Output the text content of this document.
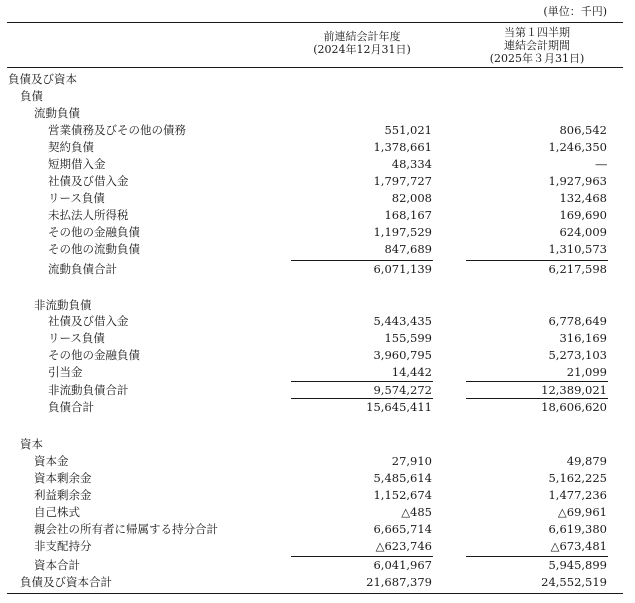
(単位：千円)
前連結会計年度
(2024年12月31日)
当第１四半期
連結会計期間
(2025年３月31日)
負債及び資本
負債
流動負債
営業債務及びその他の債務	551,021	806,542
契約負債	1,378,661	1,246,350
短期借入金	48,334	―
社債及び借入金	1,797,727	1,927,963
リース負債	82,008	132,468
未払法人所得税	168,167	169,690
その他の金融負債	1,197,529	624,009
その他の流動負債	847,689	1,310,573
流動負債合計	6,071,139	6,217,598
非流動負債
社債及び借入金	5,443,435	6,778,649
リース負債	155,599	316,169
その他の金融負債	3,960,795	5,273,103
引当金	14,442	21,099
非流動負債合計	9,574,272	12,389,021
負債合計	15,645,411	18,606,620
資本
資本金	27,910	49,879
資本剰余金	5,485,614	5,162,225
利益剰余金	1,152,674	1,477,236
自己株式	△485	△69,961
親会社の所有者に帰属する持分合計	6,665,714	6,619,380
非支配持分	△623,746	△673,481
資本合計	6,041,967	5,945,899
負債及び資本合計	21,687,379	24,552,519
